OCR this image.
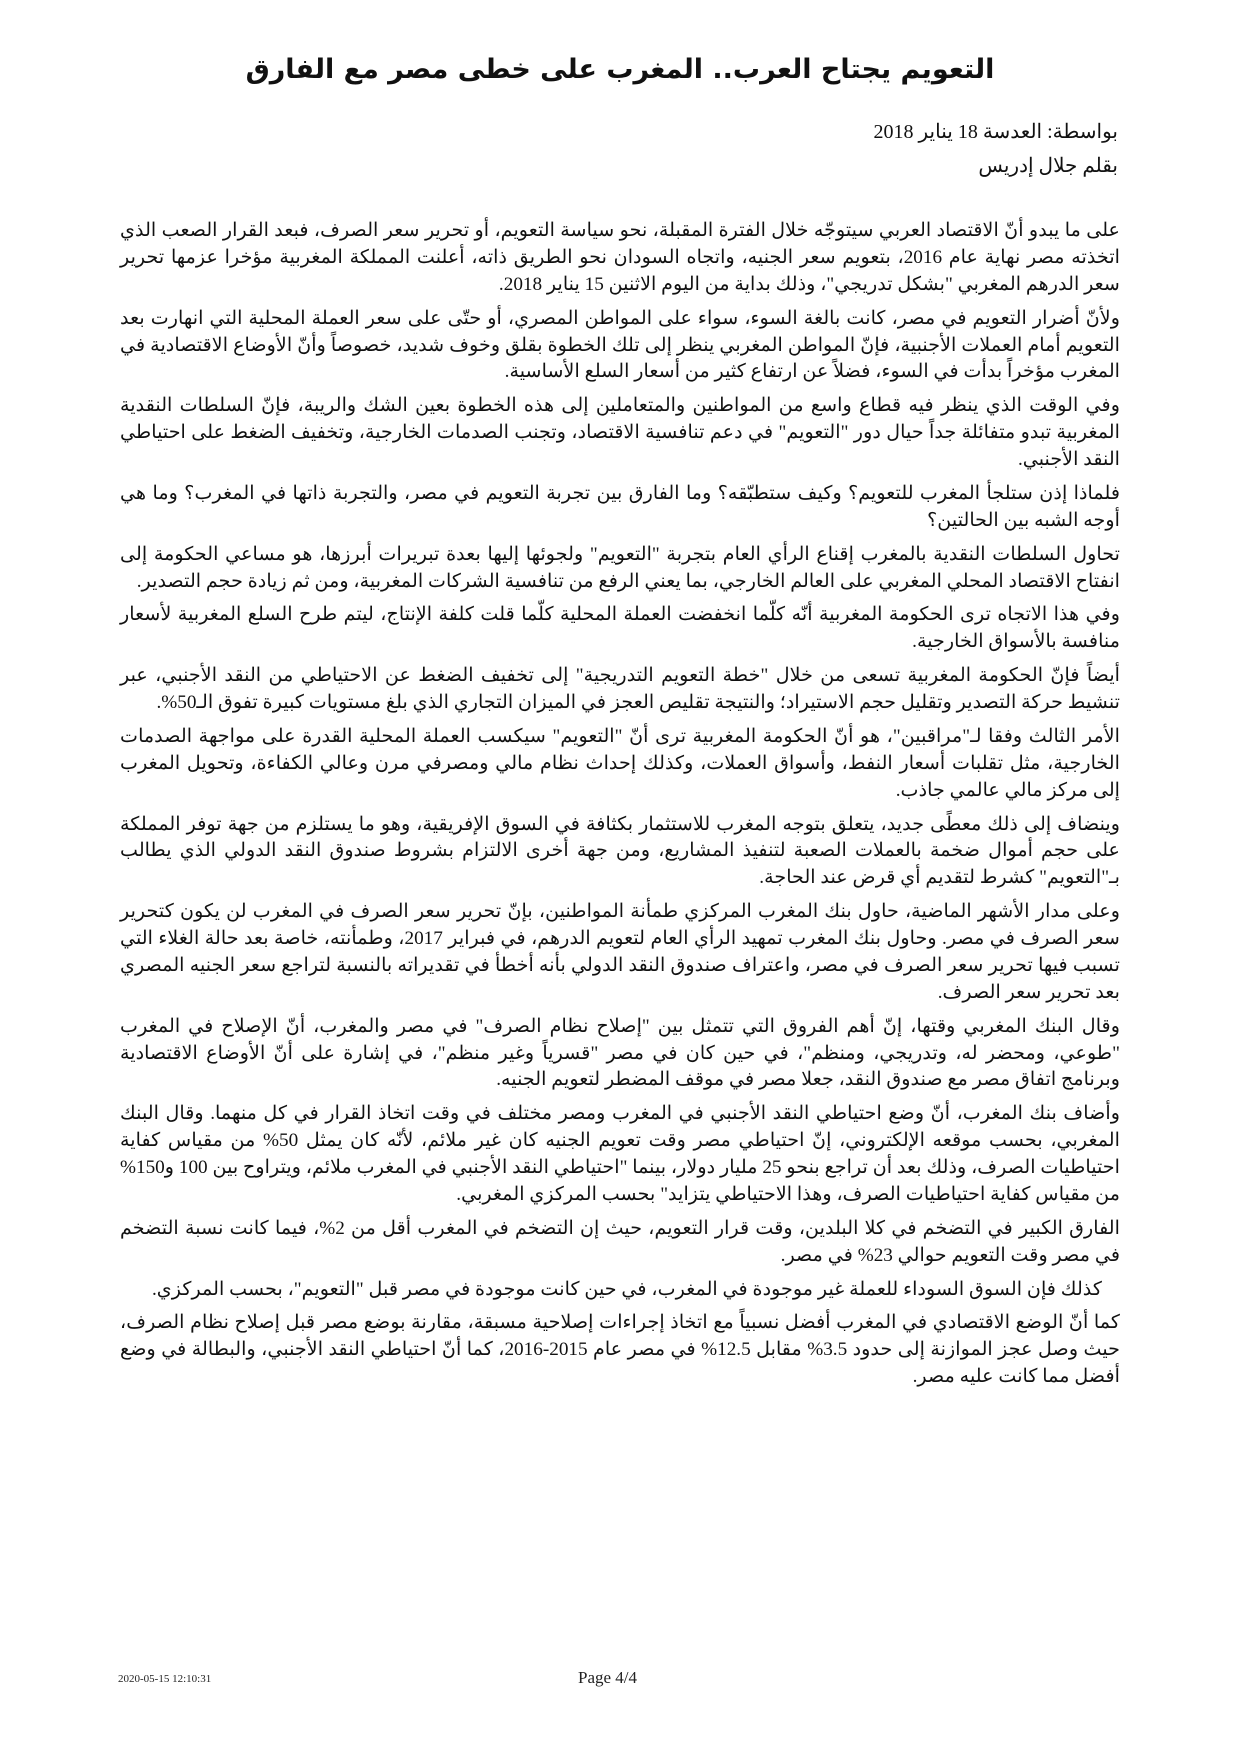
التعويم يجتاح العرب.. المغرب على خطى مصر مع الفارق
بواسطة: العدسة 18 يناير 2018
بقلم جلال إدريس

على ما يبدو أنّ الاقتصاد العربي سيتوجّه خلال الفترة المقبلة، نحو سياسة التعويم، أو تحرير سعر الصرف، فبعد القرار الصعب الذي اتخذته مصر نهاية عام 2016، بتعويم سعر الجنيه، واتجاه السودان نحو الطريق ذاته، أعلنت المملكة المغربية مؤخرا عزمها تحرير سعر الدرهم المغربي "بشكل تدريجي"، وذلك بداية من اليوم الاثنين 15 يناير 2018.

ولأنّ أضرار التعويم في مصر، كانت بالغة السوء، سواء على المواطن المصري، أو حتّى على سعر العملة المحلية التي انهارت بعد التعويم أمام العملات الأجنبية، فإنّ المواطن المغربي ينظر إلى تلك الخطوة بقلق وخوف شديد، خصوصاً وأنّ الأوضاع الاقتصادية في المغرب مؤخراً بدأت في السوء، فضلاً عن ارتفاع كثير من أسعار السلع الأساسية.

وفي الوقت الذي ينظر فيه قطاع واسع من المواطنين والمتعاملين إلى هذه الخطوة بعين الشك والريبة، فإنّ السلطات النقدية المغربية تبدو متفائلة جداً حيال دور "التعويم" في دعم تنافسية الاقتصاد، وتجنب الصدمات الخارجية، وتخفيف الضغط على احتياطي النقد الأجنبي.

فلماذا إذن ستلجأ المغرب للتعويم؟ وكيف ستطبّقه؟ وما الفارق بين تجربة التعويم في مصر، والتجربة ذاتها في المغرب؟ وما هي أوجه الشبه بين الحالتين؟

تحاول السلطات النقدية بالمغرب إقناع الرأي العام بتجربة "التعويم" ولجوئها إليها بعدة تبريرات أبرزها، هو مساعي الحكومة إلى انفتاح الاقتصاد المحلي المغربي على العالم الخارجي، بما يعني الرفع من تنافسية الشركات المغربية، ومن ثم زيادة حجم التصدير.

وفي هذا الاتجاه ترى الحكومة المغربية أنّه كلّما انخفضت العملة المحلية كلّما قلت كلفة الإنتاج، ليتم طرح السلع المغربية لأسعار منافسة بالأسواق الخارجية.

أيضاً فإنّ الحكومة المغربية تسعى من خلال "خطة التعويم التدريجية" إلى تخفيف الضغط عن الاحتياطي من النقد الأجنبي، عبر تنشيط حركة التصدير وتقليل حجم الاستيراد؛ والنتيجة تقليص العجز في الميزان التجاري الذي بلغ مستويات كبيرة تفوق الـ50%.

الأمر الثالث وفقا لـ"مراقبين"، هو أنّ الحكومة المغربية ترى أنّ "التعويم" سيكسب العملة المحلية القدرة على مواجهة الصدمات الخارجية، مثل تقلبات أسعار النفط، وأسواق العملات، وكذلك إحداث نظام مالي ومصرفي مرن وعالي الكفاءة، وتحويل المغرب إلى مركز مالي عالمي جاذب.

وينضاف إلى ذلك معطًى جديد، يتعلق بتوجه المغرب للاستثمار بكثافة في السوق الإفريقية، وهو ما يستلزم من جهة توفر المملكة على حجم أموال ضخمة بالعملات الصعبة لتنفيذ المشاريع، ومن جهة أخرى الالتزام بشروط صندوق النقد الدولي الذي يطالب بـ"التعويم" كشرط لتقديم أي قرض عند الحاجة.

وعلى مدار الأشهر الماضية، حاول بنك المغرب المركزي طمأنة المواطنين، بإنّ تحرير سعر الصرف في المغرب لن يكون كتحرير سعر الصرف في مصر. وحاول بنك المغرب تمهيد الرأي العام لتعويم الدرهم، في فبراير 2017، وطمأنته، خاصة بعد حالة الغلاء التي تسبب فيها تحرير سعر الصرف في مصر، واعتراف صندوق النقد الدولي بأنه أخطأ في تقديراته بالنسبة لتراجع سعر الجنيه المصري بعد تحرير سعر الصرف.

وقال البنك المغربي وقتها، إنّ أهم الفروق التي تتمثل بين "إصلاح نظام الصرف" في مصر والمغرب، أنّ الإصلاح في المغرب "طوعي، ومحضر له، وتدريجي، ومنظم"، في حين كان في مصر "قسرياً وغير منظم"، في إشارة على أنّ الأوضاع الاقتصادية وبرنامج اتفاق مصر مع صندوق النقد، جعلا مصر في موقف المضطر لتعويم الجنيه.

وأضاف بنك المغرب، أنّ وضع احتياطي النقد الأجنبي في المغرب ومصر مختلف في وقت اتخاذ القرار في كل منهما. وقال البنك المغربي، بحسب موقعه الإلكتروني، إنّ احتياطي مصر وقت تعويم الجنيه كان غير ملائم، لأنّه كان يمثل 50% من مقياس كفاية احتياطيات الصرف، وذلك بعد أن تراجع بنحو 25 مليار دولار، بينما "احتياطي النقد الأجنبي في المغرب ملائم، ويتراوح بين 100 و150% من مقياس كفاية احتياطيات الصرف، وهذا الاحتياطي يتزايد" بحسب المركزي المغربي.

الفارق الكبير في التضخم في كلا البلدين، وقت قرار التعويم، حيث إن التضخم في المغرب أقل من 2%، فيما كانت نسبة التضخم في مصر وقت التعويم حوالي 23% في مصر.

كذلك فإن السوق السوداء للعملة غير موجودة في المغرب، في حين كانت موجودة في مصر قبل "التعويم"، بحسب المركزي.

كما أنّ الوضع الاقتصادي في المغرب أفضل نسبياً مع اتخاذ إجراءات إصلاحية مسبقة، مقارنة بوضع مصر قبل إصلاح نظام الصرف، حيث وصل عجز الموازنة إلى حدود 3.5% مقابل 12.5% في مصر عام 2015-2016، كما أنّ احتياطي النقد الأجنبي، والبطالة في وضع أفضل مما كانت عليه مصر.

2020-05-15 12:10:31	Page 4/4
